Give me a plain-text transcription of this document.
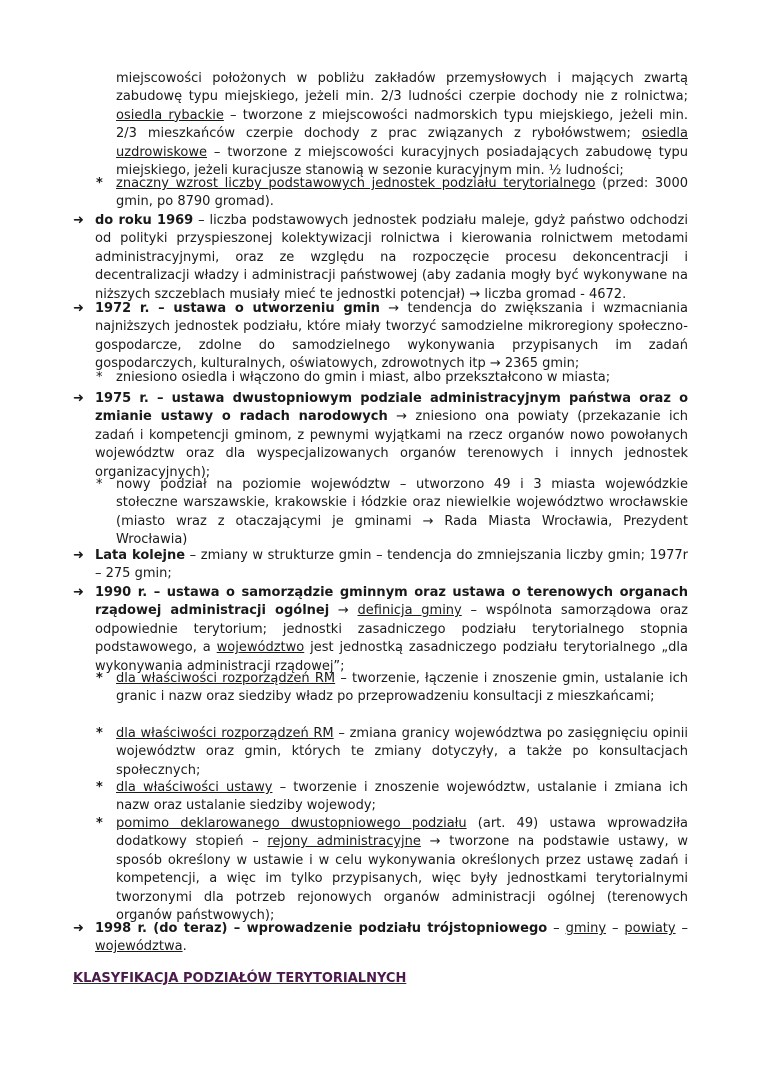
miejscowości położonych w pobliżu zakładów przemysłowych i mających zwartą zabudowę typu miejskiego, jeżeli min. 2/3 ludności czerpie dochody nie z rolnictwa; osiedla rybackie – tworzone z miejscowości nadmorskich typu miejskiego, jeżeli min. 2/3 mieszkańców czerpie dochody z prac związanych z rybołówstwem; osiedla uzdrowiskowe – tworzone z miejscowości kuracyjnych posiadających zabudowę typu miejskiego, jeżeli kuracjusze stanowią w sezonie kuracyjnym min. ½ ludności;
* znaczny wzrost liczby podstawowych jednostek podziału terytorialnego (przed: 3000 gmin, po 8790 gromad).
➜ do roku 1969 – liczba podstawowych jednostek podziału maleje, gdyż państwo odchodzi od polityki przyspieszonej kolektywizacji rolnictwa i kierowania rolnictwem metodami administracyjnymi, oraz ze względu na rozpoczęcie procesu dekoncentracji i decentralizacji władzy i administracji państwowej (aby zadania mogły być wykonywane na niższych szczeblach musiały mieć te jednostki potencjał) → liczba gromad - 4672.
➜ 1972 r. – ustawa o utworzeniu gmin → tendencja do zwiększania i wzmacniania najniższych jednostek podziału, które miały tworzyć samodzielne mikroregiony społeczno-gospodarcze, zdolne do samodzielnego wykonywania przypisanych im zadań gospodarczych, kulturalnych, oświatowych, zdrowotnych itp → 2365 gmin;
* zniesiono osiedla i włączono do gmin i miast, albo przekształcono w miasta;
➜ 1975 r. – ustawa dwustopniowym podziale administracyjnym państwa oraz o zmianie ustawy o radach narodowych → zniesiono ona powiaty (przekazanie ich zadań i kompetencji gminom, z pewnymi wyjątkami na rzecz organów nowo powołanych województw oraz dla wyspecjalizowanych organów terenowych i innych jednostek organizacyjnych);
* nowy podział na poziomie województw – utworzono 49 i 3 miasta wojewódzkie stołeczne warszawskie, krakowskie i łódzkie oraz niewielkie województwo wrocławskie (miasto wraz z otaczającymi je gminami → Rada Miasta Wrocławia, Prezydent Wrocławia)
➜ Lata kolejne – zmiany w strukturze gmin – tendencja do zmniejszania liczby gmin; 1977r – 275 gmin;
➜ 1990 r. – ustawa o samorządzie gminnym oraz ustawa o terenowych organach rządowej administracji ogólnej → definicja gminy – wspólnota samorządowa oraz odpowiednie terytorium; jednostki zasadniczego podziału terytorialnego stopnia podstawowego, a województwo jest jednostką zasadniczego podziału terytorialnego „dla wykonywania administracji rządowej”;
* dla właściwości rozporządzeń RM – tworzenie, łączenie i znoszenie gmin, ustalanie ich granic i nazw oraz siedziby władz po przeprowadzeniu konsultacji z mieszkańcami;
* dla właściwości rozporządzeń RM – zmiana granicy województwa po zasięgnięciu opinii województw oraz gmin, których te zmiany dotyczyły, a także po konsultacjach społecznych;
* dla właściwości ustawy – tworzenie i znoszenie województw, ustalanie i zmiana ich nazw oraz ustalanie siedziby wojewody;
* pomimo deklarowanego dwustopniowego podziału (art. 49) ustawa wprowadziła dodatkowy stopień – rejony administracyjne → tworzone na podstawie ustawy, w sposób określony w ustawie i w celu wykonywania określonych przez ustawę zadań i kompetencji, a więc im tylko przypisanych, więc były jednostkami terytorialnymi tworzonymi dla potrzeb rejonowych organów administracji ogólnej (terenowych organów państwowych);
➜ 1998 r. (do teraz) – wprowadzenie podziału trójstopniowego – gminy – powiaty – województwa.
KLASYFIKACJA PODZIAŁÓW TERYTORIALNYCH
